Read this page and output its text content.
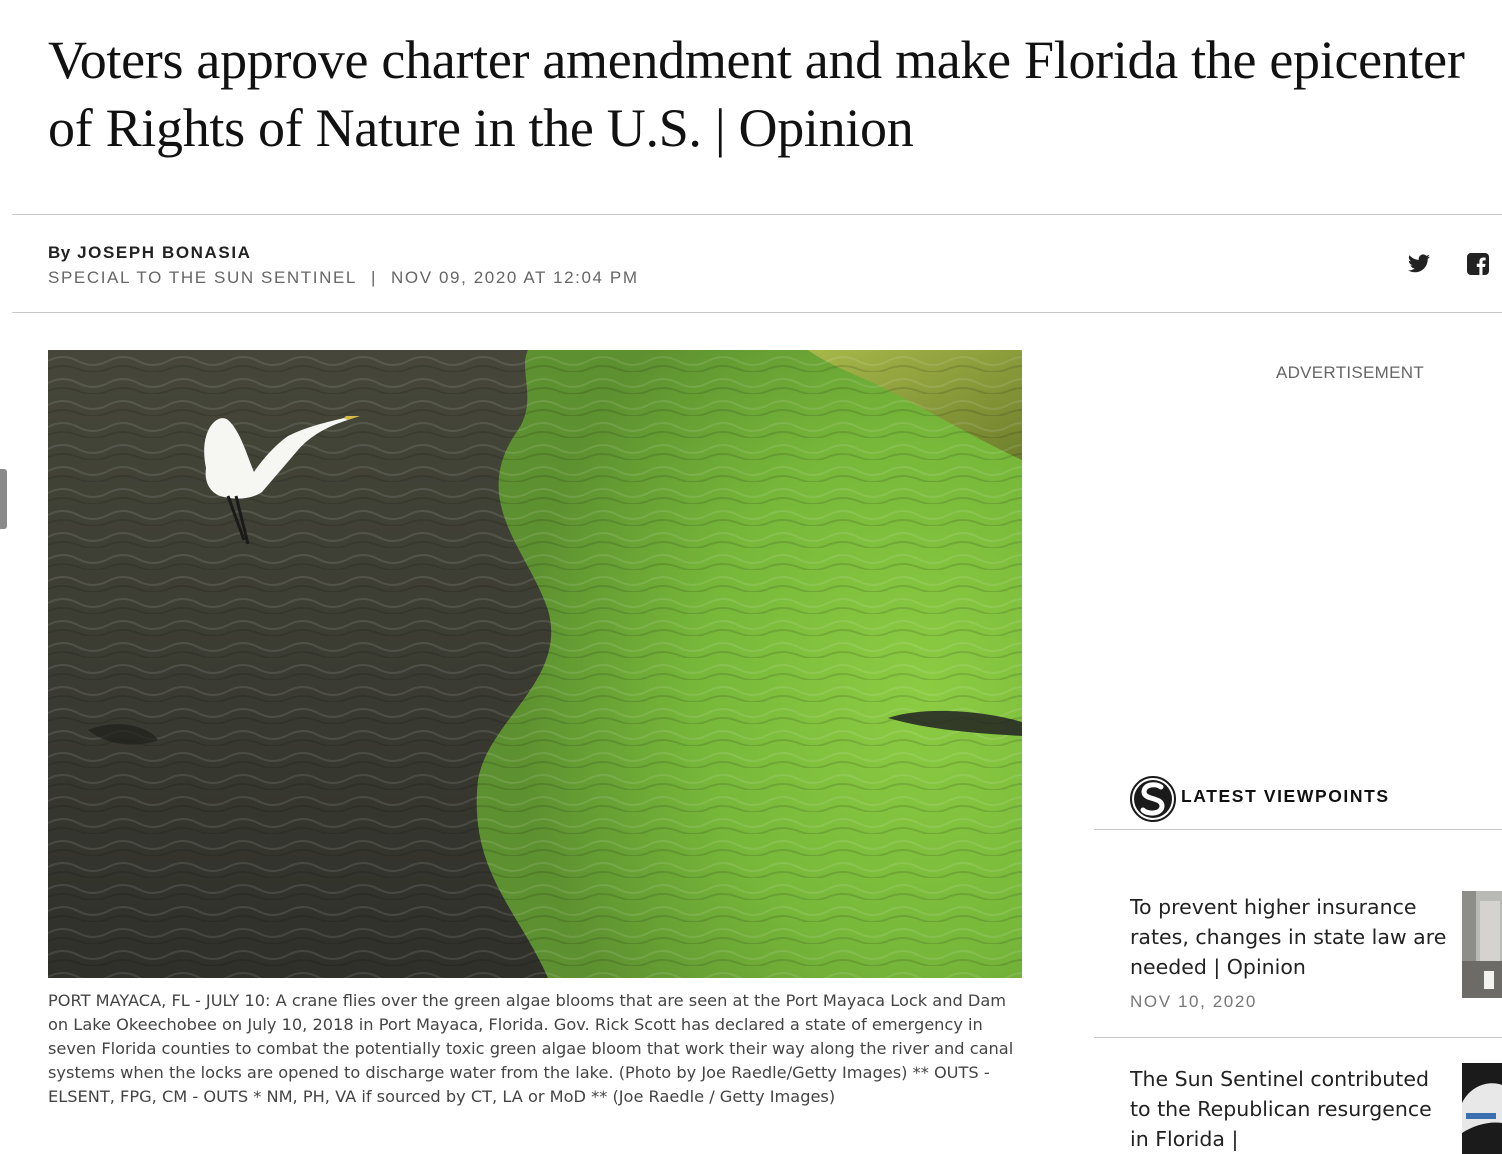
Voters approve charter amendment and make Florida the epicenter of Rights of Nature in the U.S. | Opinion
By JOSEPH BONASIA
SPECIAL TO THE SUN SENTINEL | NOV 09, 2020 AT 12:04 PM

PORT MAYACA, FL - JULY 10: A crane flies over the green algae blooms that are seen at the Port Mayaca Lock and Dam on Lake Okeechobee on July 10, 2018 in Port Mayaca, Florida. Gov. Rick Scott has declared a state of emergency in seven Florida counties to combat the potentially toxic green algae bloom that work their way along the river and canal systems when the locks are opened to discharge water from the lake. (Photo by Joe Raedle/Getty Images) ** OUTS - ELSENT, FPG, CM - OUTS * NM, PH, VA if sourced by CT, LA or MoD ** (Joe Raedle / Getty Images)

ADVERTISEMENT
LATEST VIEWPOINTS
To prevent higher insurance rates, changes in state law are needed | Opinion
NOV 10, 2020
The Sun Sentinel contributed to the Republican resurgence in Florida |
